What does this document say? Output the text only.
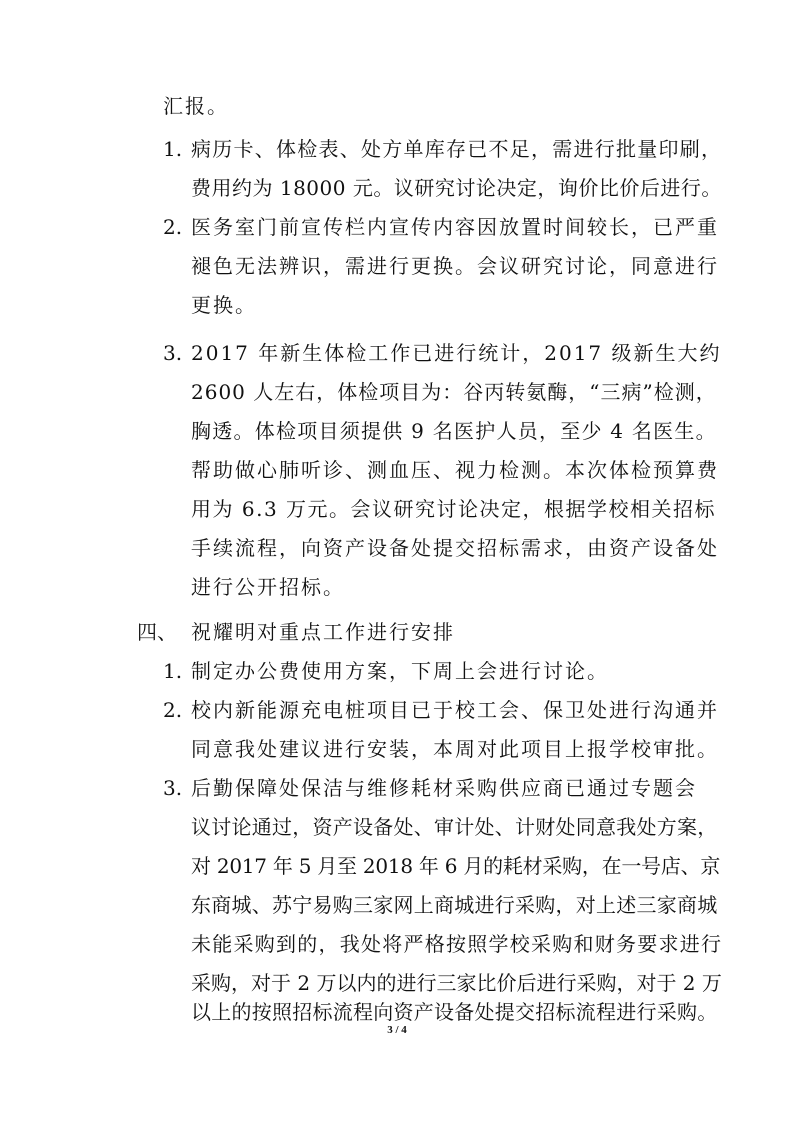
汇报。
1. 病历卡、体检表、处方单库存已不足，需进行批量印刷，
费用约为 18000 元。议研究讨论决定，询价比价后进行。
2. 医务室门前宣传栏内宣传内容因放置时间较长，已严重
褪色无法辨识，需进行更换。会议研究讨论，同意进行
更换。
3. 2017 年新生体检工作已进行统计，2017 级新生大约
2600 人左右，体检项目为：谷丙转氨酶，“三病”检测，
胸透。体检项目须提供 9 名医护人员，至少 4 名医生。
帮助做心肺听诊、测血压、视力检测。本次体检预算费
用为 6.3 万元。会议研究讨论决定，根据学校相关招标
手续流程，向资产设备处提交招标需求，由资产设备处
进行公开招标。
四、 祝耀明对重点工作进行安排
1. 制定办公费使用方案，下周上会进行讨论。
2. 校内新能源充电桩项目已于校工会、保卫处进行沟通并
同意我处建议进行安装，本周对此项目上报学校审批。
3. 后勤保障处保洁与维修耗材采购供应商已通过专题会
议讨论通过，资产设备处、审计处、计财处同意我处方案，
对 2017 年 5 月至 2018 年 6 月的耗材采购，在一号店、京
东商城、苏宁易购三家网上商城进行采购，对上述三家商城
未能采购到的，我处将严格按照学校采购和财务要求进行
采购，对于 2 万以内的进行三家比价后进行采购，对于 2 万
以上的按照招标流程向资产设备处提交招标流程进行采购。
3 / 4
